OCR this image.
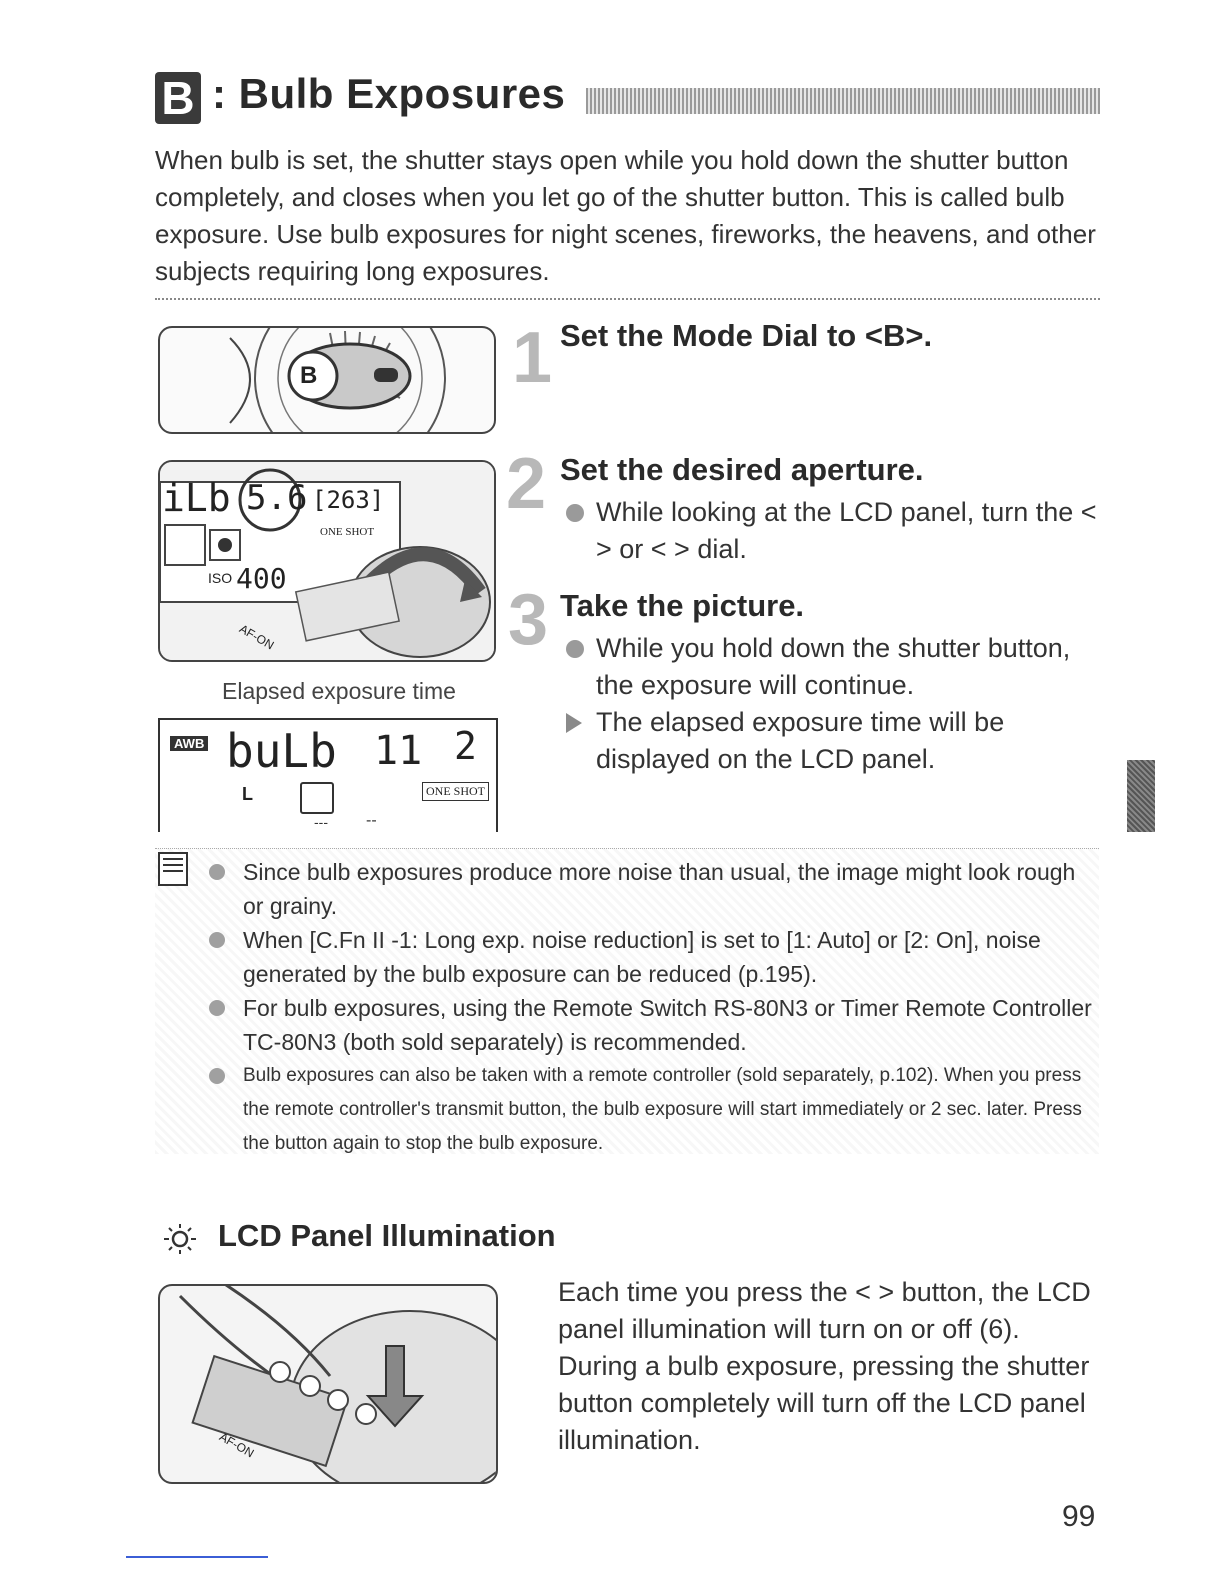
B : Bulb Exposures
When bulb is set, the shutter stays open while you hold down the shutter button completely, and closes when you let go of the shutter button. This is called bulb exposure. Use bulb exposures for night scenes, fireworks, the heavens, and other subjects requiring long exposures.
B
iLb 5.6 [263]
ISO 400
ONE SHOT
AF-ON
1 Set the Mode Dial to <B>.
2 Set the desired aperture.
While looking at the LCD panel, turn the < > or < > dial.
3 Take the picture.
While you hold down the shutter button, the exposure will continue.
The elapsed exposure time will be displayed on the LCD panel.
Elapsed exposure time
AWB buLb 11 2
L	ONE SHOT
--- --
Since bulb exposures produce more noise than usual, the image might look rough or grainy.
When [C.Fn II -1: Long exp. noise reduction] is set to [1: Auto] or [2: On], noise generated by the bulb exposure can be reduced (p.195).
For bulb exposures, using the Remote Switch RS-80N3 or Timer Remote Controller TC-80N3 (both sold separately) is recommended.
Bulb exposures can also be taken with a remote controller (sold separately, p.102). When you press the remote controller's transmit button, the bulb exposure will start immediately or 2 sec. later. Press the button again to stop the bulb exposure.
LCD Panel Illumination
AF-ON
Each time you press the < > button, the LCD panel illumination will turn on or off (6). During a bulb exposure, pressing the shutter button completely will turn off the LCD panel illumination.
99
